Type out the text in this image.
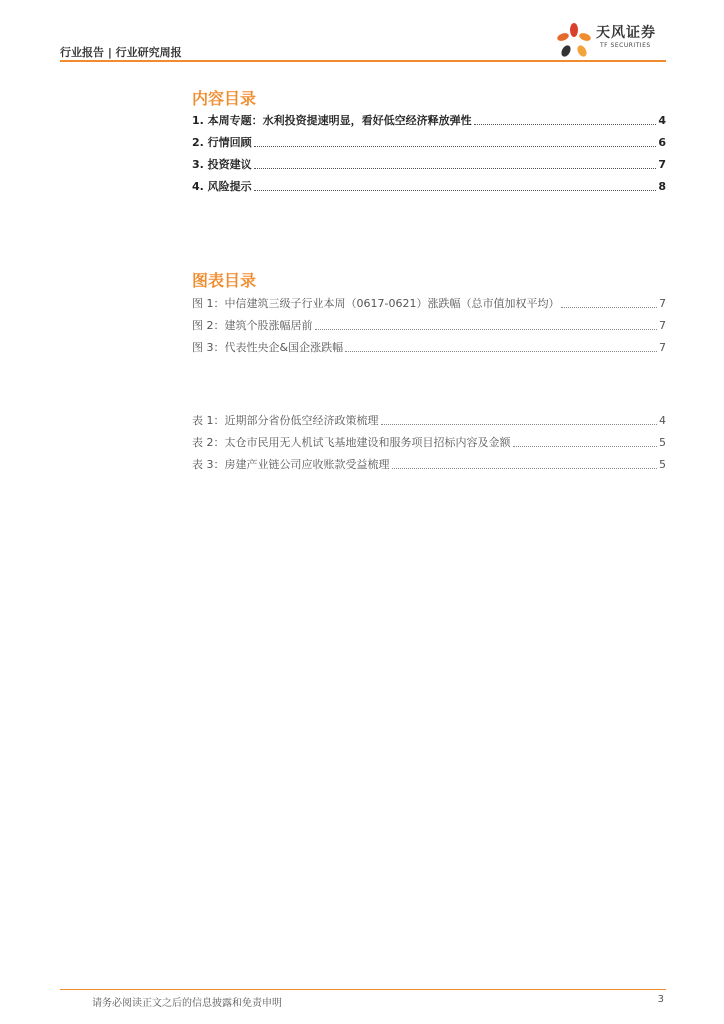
行业报告 | 行业研究周报
天风证券
TF SECURITIES
内容目录
1. 本周专题：水利投资提速明显，看好低空经济释放弹性	4
2. 行情回顾	6
3. 投资建议	7
4. 风险提示	8
图表目录
图 1：中信建筑三级子行业本周（0617-0621）涨跌幅（总市值加权平均）	7
图 2：建筑个股涨幅居前	7
图 3：代表性央企&国企涨跌幅	7
表 1：近期部分省份低空经济政策梳理	4
表 2：太仓市民用无人机试飞基地建设和服务项目招标内容及金额	5
表 3：房建产业链公司应收账款受益梳理	5
请务必阅读正文之后的信息披露和免责申明	3
